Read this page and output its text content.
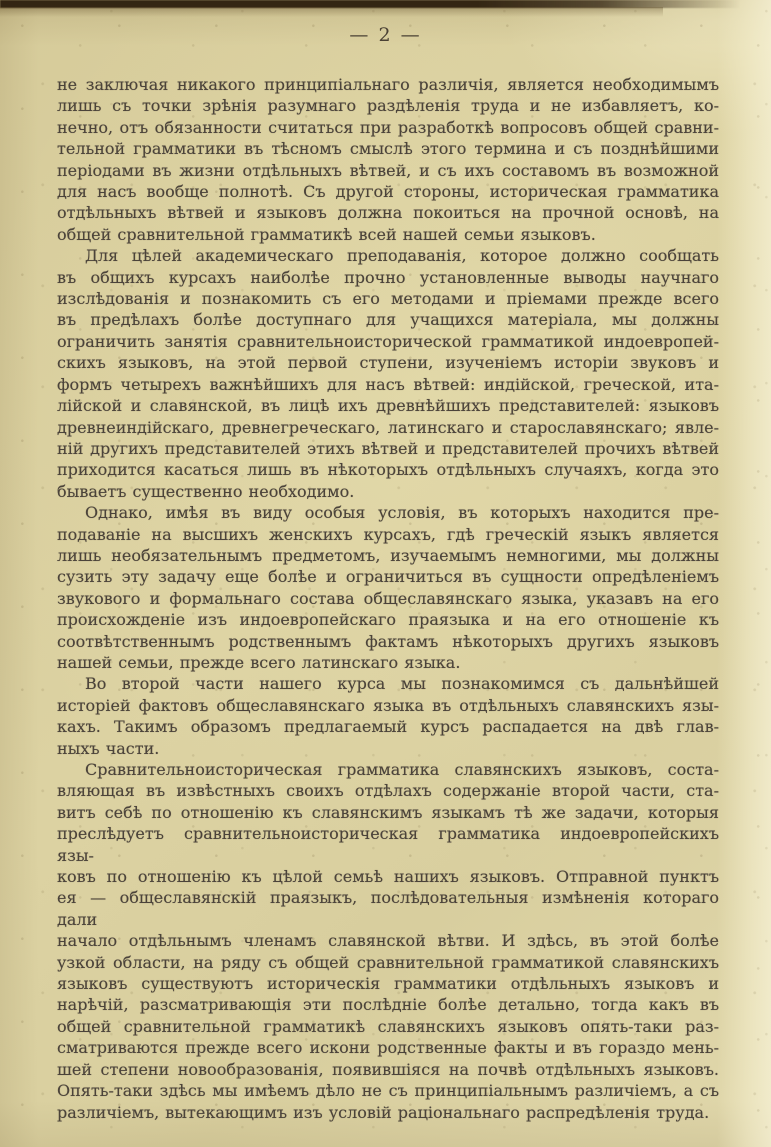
— 2 —
не заключая никакого принципіальнаго различія, является необходимымъ
лишь съ точки зрѣнія разумнаго раздѣленія труда и не избавляетъ, ко-
нечно, отъ обязанности считаться при разработкѣ вопросовъ общей сравни-
тельной грамматики въ тѣсномъ смыслѣ этого термина и съ позднѣйшими
періодами въ жизни отдѣльныхъ вѣтвей, и съ ихъ составомъ въ возможной
для насъ вообще полнотѣ. Съ другой стороны, историческая грамматика
отдѣльныхъ вѣтвей и языковъ должна покоиться на прочной основѣ, на
общей сравнительной грамматикѣ всей нашей семьи языковъ.
Для цѣлей академическаго преподаванія, которое должно сообщать
въ общихъ курсахъ наиболѣе прочно установленные выводы научнаго
изслѣдованія и познакомить съ его методами и пріемами прежде всего
въ предѣлахъ болѣе доступнаго для учащихся матеріала, мы должны
ограничить занятія сравнительноисторической грамматикой индоевропей-
скихъ языковъ, на этой первой ступени, изученіемъ исторіи звуковъ и
формъ четырехъ важнѣйшихъ для насъ вѣтвей: индійской, греческой, ита-
лійской и славянской, въ лицѣ ихъ древнѣйшихъ представителей: языковъ
древнеиндійскаго, древнегреческаго, латинскаго и старославянскаго; явле-
ній другихъ представителей этихъ вѣтвей и представителей прочихъ вѣтвей
приходится касаться лишь въ нѣкоторыхъ отдѣльныхъ случаяхъ, когда это
бываетъ существенно необходимо.
Однако, имѣя въ виду особыя условія, въ которыхъ находится пре-
подаваніе на высшихъ женскихъ курсахъ, гдѣ греческій языкъ является
лишь необязательнымъ предметомъ, изучаемымъ немногими, мы должны
сузить эту задачу еще болѣе и ограничиться въ сущности опредѣленіемъ
звукового и формальнаго состава общеславянскаго языка, указавъ на его
происхожденіе изъ индоевропейскаго праязыка и на его отношеніе къ
соотвѣтственнымъ родственнымъ фактамъ нѣкоторыхъ другихъ языковъ
нашей семьи, прежде всего латинскаго языка.
Во второй части нашего курса мы познакомимся съ дальнѣйшей
исторіей фактовъ общеславянскаго языка въ отдѣльныхъ славянскихъ язы-
кахъ. Такимъ образомъ предлагаемый курсъ распадается на двѣ глав-
ныхъ части.
Сравнительноисторическая грамматика славянскихъ языковъ, соста-
вляющая въ извѣстныхъ своихъ отдѣлахъ содержаніе второй части, ста-
витъ себѣ по отношенію къ славянскимъ языкамъ тѣ же задачи, которыя
преслѣдуетъ сравнительноисторическая грамматика индоевропейскихъ язы-
ковъ по отношенію къ цѣлой семьѣ нашихъ языковъ. Отправной пунктъ
ея — общеславянскій праязыкъ, послѣдовательныя измѣненія котораго дали
начало отдѣльнымъ членамъ славянской вѣтви. И здѣсь, въ этой болѣе
узкой области, на ряду съ общей сравнительной грамматикой славянскихъ
языковъ существуютъ историческія грамматики отдѣльныхъ языковъ и
нарѣчій, разсматривающія эти послѣдніе болѣе детально, тогда какъ въ
общей сравнительной грамматикѣ славянскихъ языковъ опять-таки раз-
сматриваются прежде всего искони родственные факты и въ гораздо мень-
шей степени новообразованія, появившіяся на почвѣ отдѣльныхъ языковъ.
Опять-таки здѣсь мы имѣемъ дѣло не съ принципіальнымъ различіемъ, а съ
различіемъ, вытекающимъ изъ условій раціональнаго распредѣленія труда.
